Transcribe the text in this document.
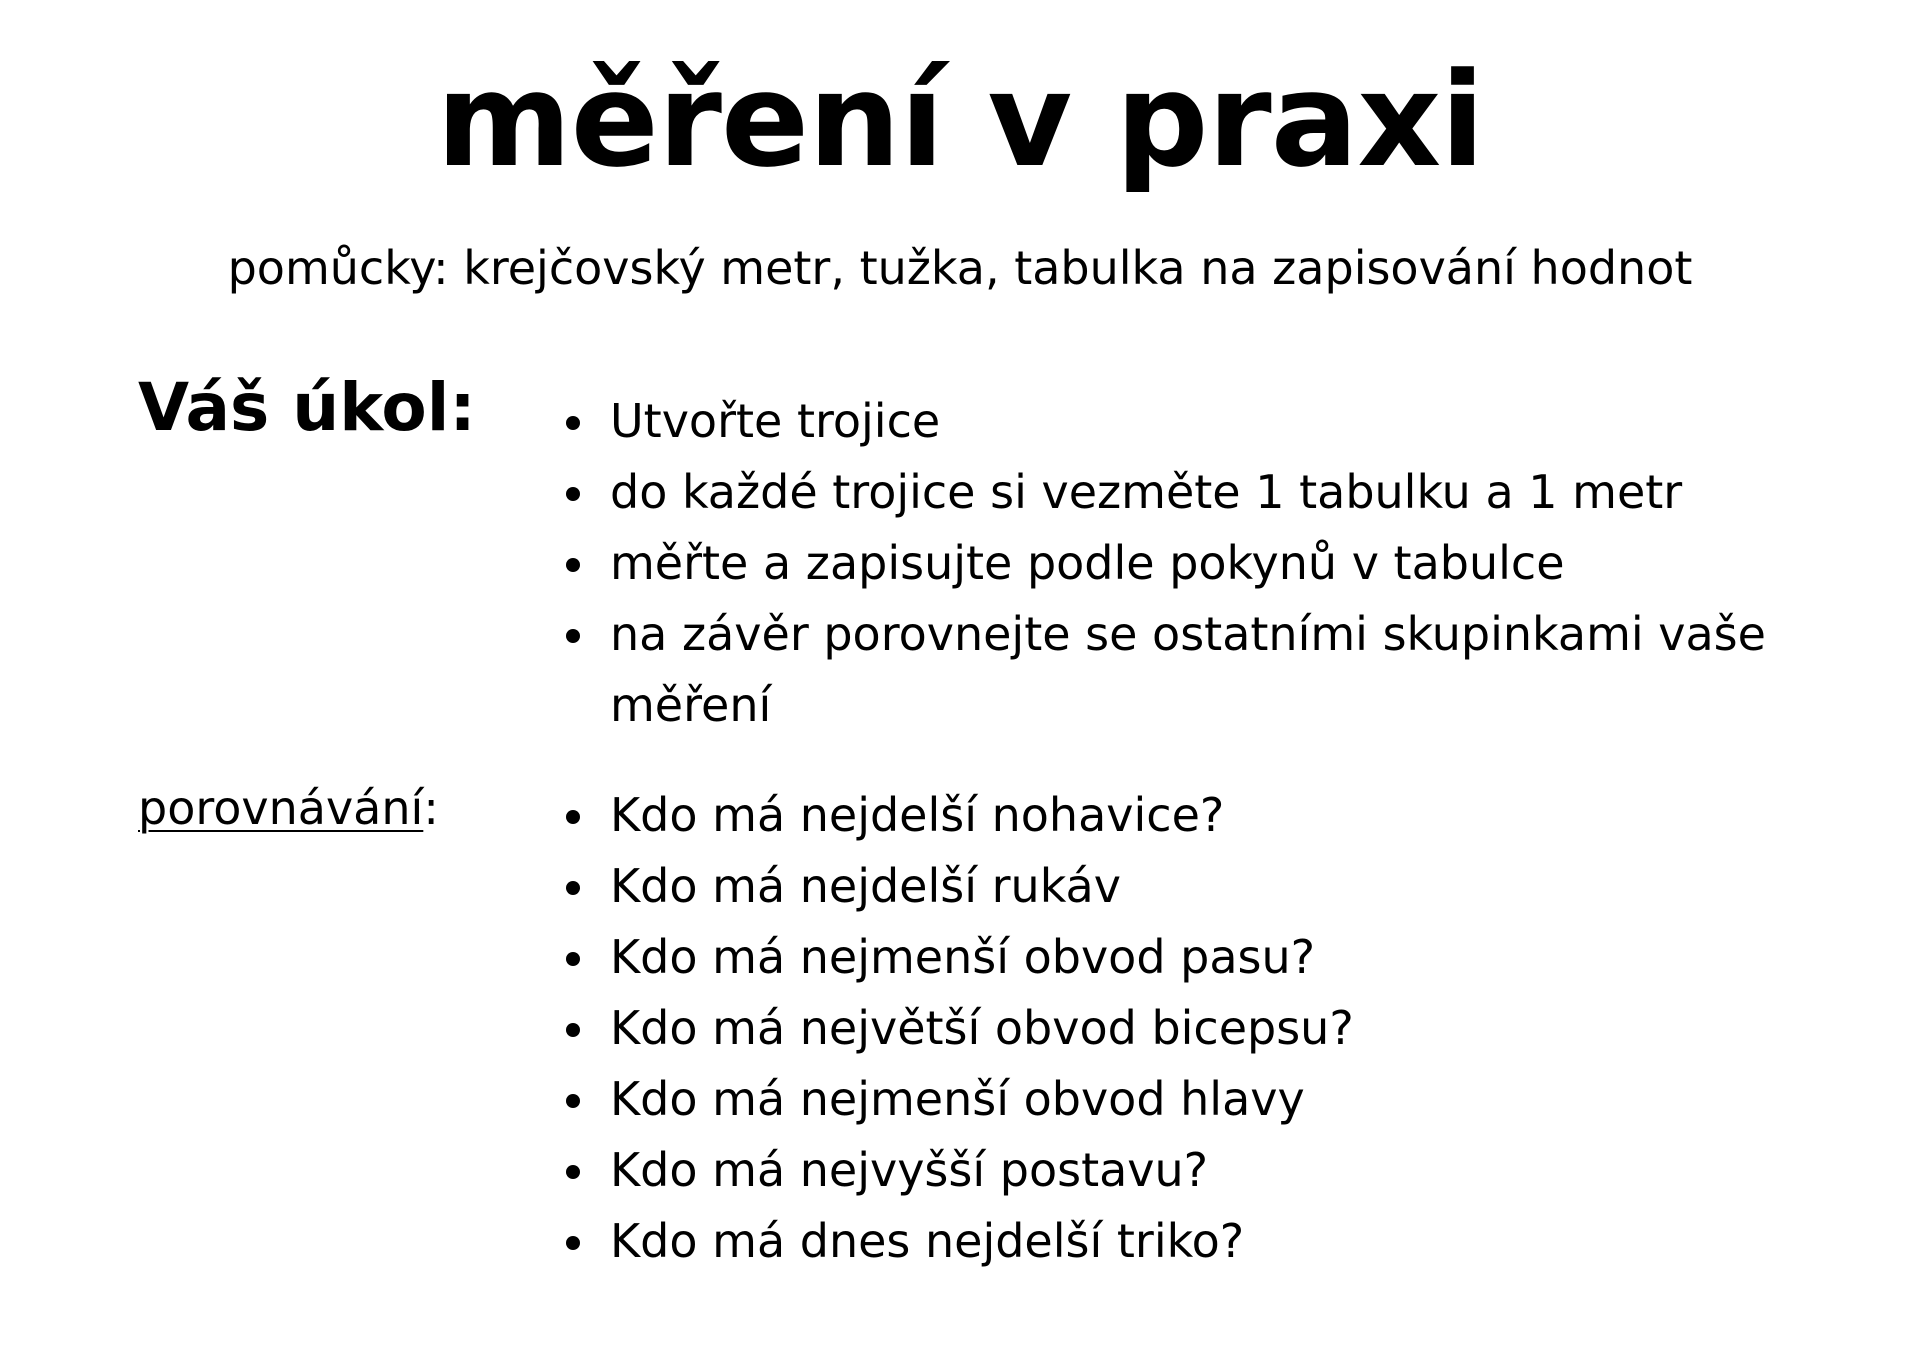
měření v praxi

pomůcky: krejčovský metr, tužka, tabulka na zapisování hodnot

Váš úkol:	Utvořte trojice
do každé trojice si vezměte 1 tabulku a 1 metr
měřte a zapisujte podle pokynů v tabulce
na závěr porovnejte se ostatními skupinkami vaše měření

porovnávání:	Kdo má nejdelší nohavice?
Kdo má nejdelší rukáv
Kdo má nejmenší obvod pasu?
Kdo má největší obvod bicepsu?
Kdo má nejmenší obvod hlavy
Kdo má nejvyšší postavu?
Kdo má dnes nejdelší triko?
